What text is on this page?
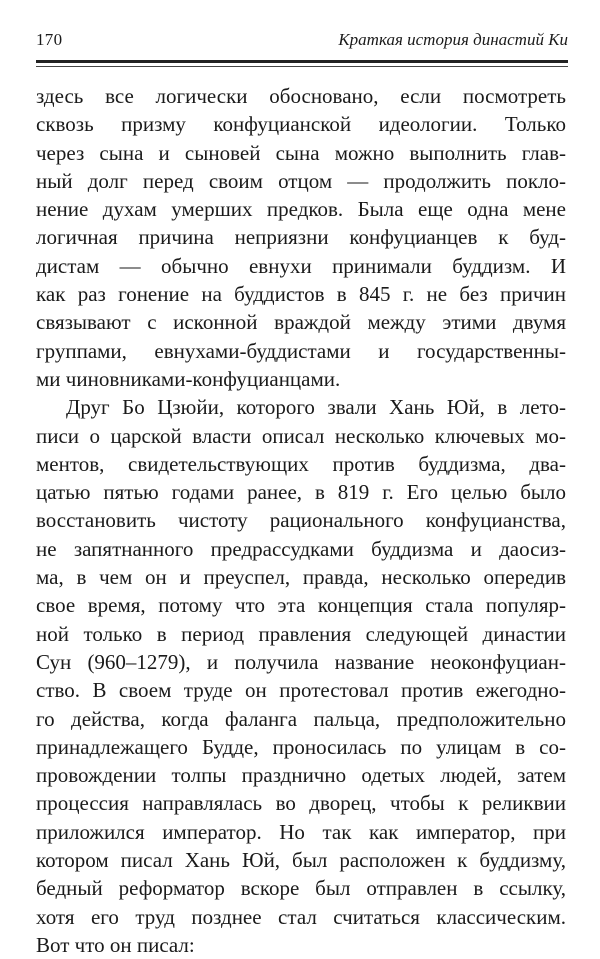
170	Краткая история династий Ки
здесь все логически обосновано, если посмотреть
сквозь призму конфуцианской идеологии. Только
через сына и сыновей сына можно выполнить глав-
ный долг перед своим отцом — продолжить покло-
нение духам умерших предков. Была еще одна мене
логичная причина неприязни конфуцианцев к буд-
дистам — обычно евнухи принимали буддизм. И
как раз гонение на буддистов в 845 г. не без причин
связывают с исконной враждой между этими двумя
группами, евнухами-буддистами и государственны-
ми чиновниками-конфуцианцами.
Друг Бо Цзюйи, которого звали Хань Юй, в лето-
писи о царской власти описал несколько ключевых мо-
ментов, свидетельствующих против буддизма, два-
цатью пятью годами ранее, в 819 г. Его целью было
восстановить чистоту рационального конфуцианства,
не запятнанного предрассудками буддизма и даосиз-
ма, в чем он и преуспел, правда, несколько опередив
свое время, потому что эта концепция стала популяр-
ной только в период правления следующей династии
Сун (960–1279), и получила название неоконфуциан-
ство. В своем труде он протестовал против ежегодно-
го действа, когда фаланга пальца, предположительно
принадлежащего Будде, проносилась по улицам в со-
провождении толпы празднично одетых людей, затем
процессия направлялась во дворец, чтобы к реликвии
приложился император. Но так как император, при
котором писал Хань Юй, был расположен к буддизму,
бедный реформатор вскоре был отправлен в ссылку,
хотя его труд позднее стал считаться классическим.
Вот что он писал:
